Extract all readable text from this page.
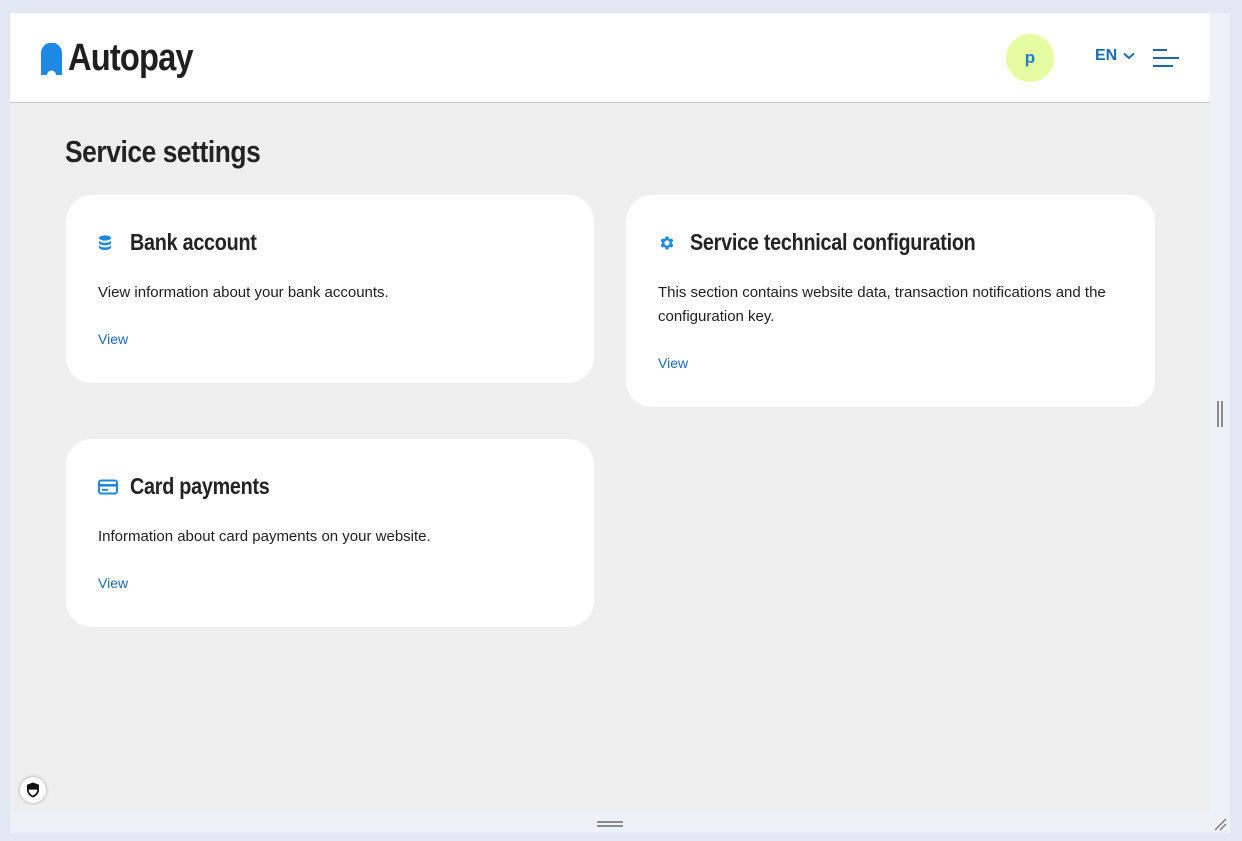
Autopay	p	EN
Service settings
Bank account
View information about your bank accounts.
View
Service technical configuration
This section contains website data, transaction notifications and the configuration key.
View
Card payments
Information about card payments on your website.
View
